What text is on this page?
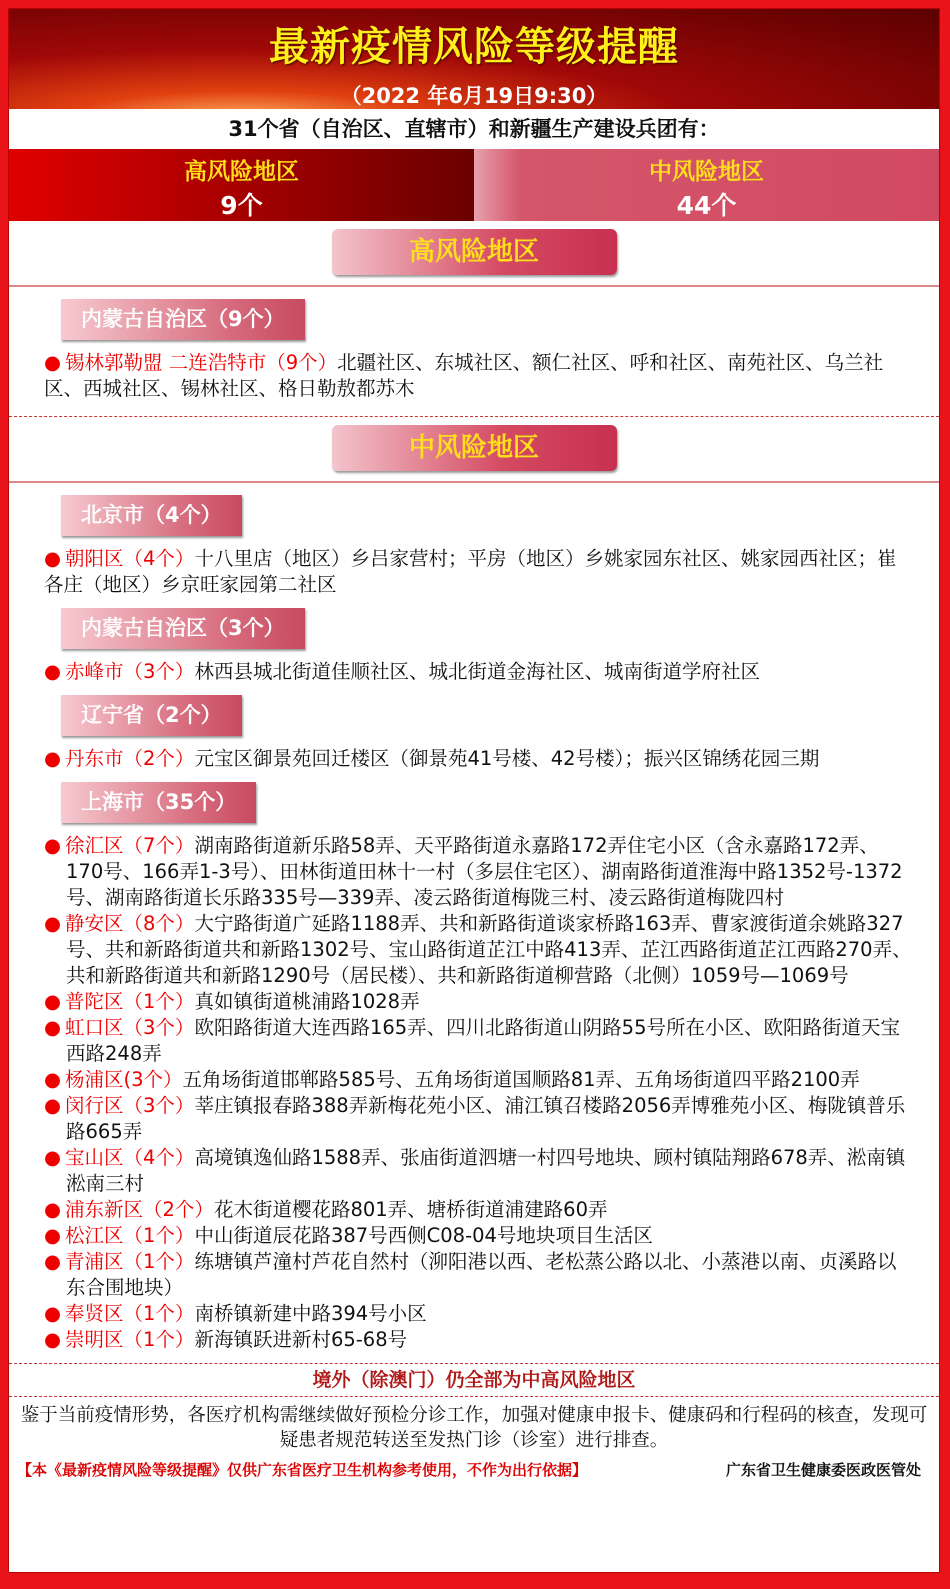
最新疫情风险等级提醒
（2022 年6月19日9:30）
31个省（自治区、直辖市）和新疆生产建设兵团有：
高风险地区
9个
中风险地区
44个
高风险地区
内蒙古自治区（9个）
● 锡林郭勒盟 二连浩特市（9个）北疆社区、东城社区、额仁社区、呼和社区、南苑社区、乌兰社区、西城社区、锡林社区、格日勒敖都苏木
中风险地区
北京市（4个）
● 朝阳区（4个）十八里店（地区）乡吕家营村；平房（地区）乡姚家园东社区、姚家园西社区；崔各庄（地区）乡京旺家园第二社区
内蒙古自治区（3个）
● 赤峰市（3个）林西县城北街道佳顺社区、城北街道金海社区、城南街道学府社区
辽宁省（2个）
● 丹东市（2个）元宝区御景苑回迁楼区（御景苑41号楼、42号楼）；振兴区锦绣花园三期
上海市（35个）
● 徐汇区（7个）湖南路街道新乐路58弄、天平路街道永嘉路172弄住宅小区（含永嘉路172弄、170号、166弄1-3号）、田林街道田林十一村（多层住宅区）、湖南路街道淮海中路1352号-1372号、湖南路街道长乐路335号—339弄、凌云路街道梅陇三村、凌云路街道梅陇四村
● 静安区（8个）大宁路街道广延路1188弄、共和新路街道谈家桥路163弄、曹家渡街道余姚路327号、共和新路街道共和新路1302号、宝山路街道芷江中路413弄、芷江西路街道芷江西路270弄、共和新路街道共和新路1290号（居民楼）、共和新路街道柳营路（北侧）1059号—1069号
● 普陀区（1个）真如镇街道桃浦路1028弄
● 虹口区（3个）欧阳路街道大连西路165弄、四川北路街道山阴路55号所在小区、欧阳路街道天宝西路248弄
● 杨浦区(3个）五角场街道邯郸路585号、五角场街道国顺路81弄、五角场街道四平路2100弄
● 闵行区（3个）莘庄镇报春路388弄新梅花苑小区、浦江镇召楼路2056弄博雅苑小区、梅陇镇普乐路665弄
● 宝山区（4个）高境镇逸仙路1588弄、张庙街道泗塘一村四号地块、顾村镇陆翔路678弄、淞南镇淞南三村
● 浦东新区（2个）花木街道樱花路801弄、塘桥街道浦建路60弄
● 松江区（1个）中山街道辰花路387号西侧C08-04号地块项目生活区
● 青浦区（1个）练塘镇芦潼村芦花自然村（泖阳港以西、老松蒸公路以北、小蒸港以南、贞溪路以东合围地块）
● 奉贤区（1个）南桥镇新建中路394号小区
● 崇明区（1个）新海镇跃进新村65-68号
境外（除澳门）仍全部为中高风险地区
鉴于当前疫情形势，各医疗机构需继续做好预检分诊工作，加强对健康申报卡、健康码和行程码的核查，发现可疑患者规范转送至发热门诊（诊室）进行排查。
【本《最新疫情风险等级提醒》仅供广东省医疗卫生机构参考使用，不作为出行依据】	广东省卫生健康委医政医管处
